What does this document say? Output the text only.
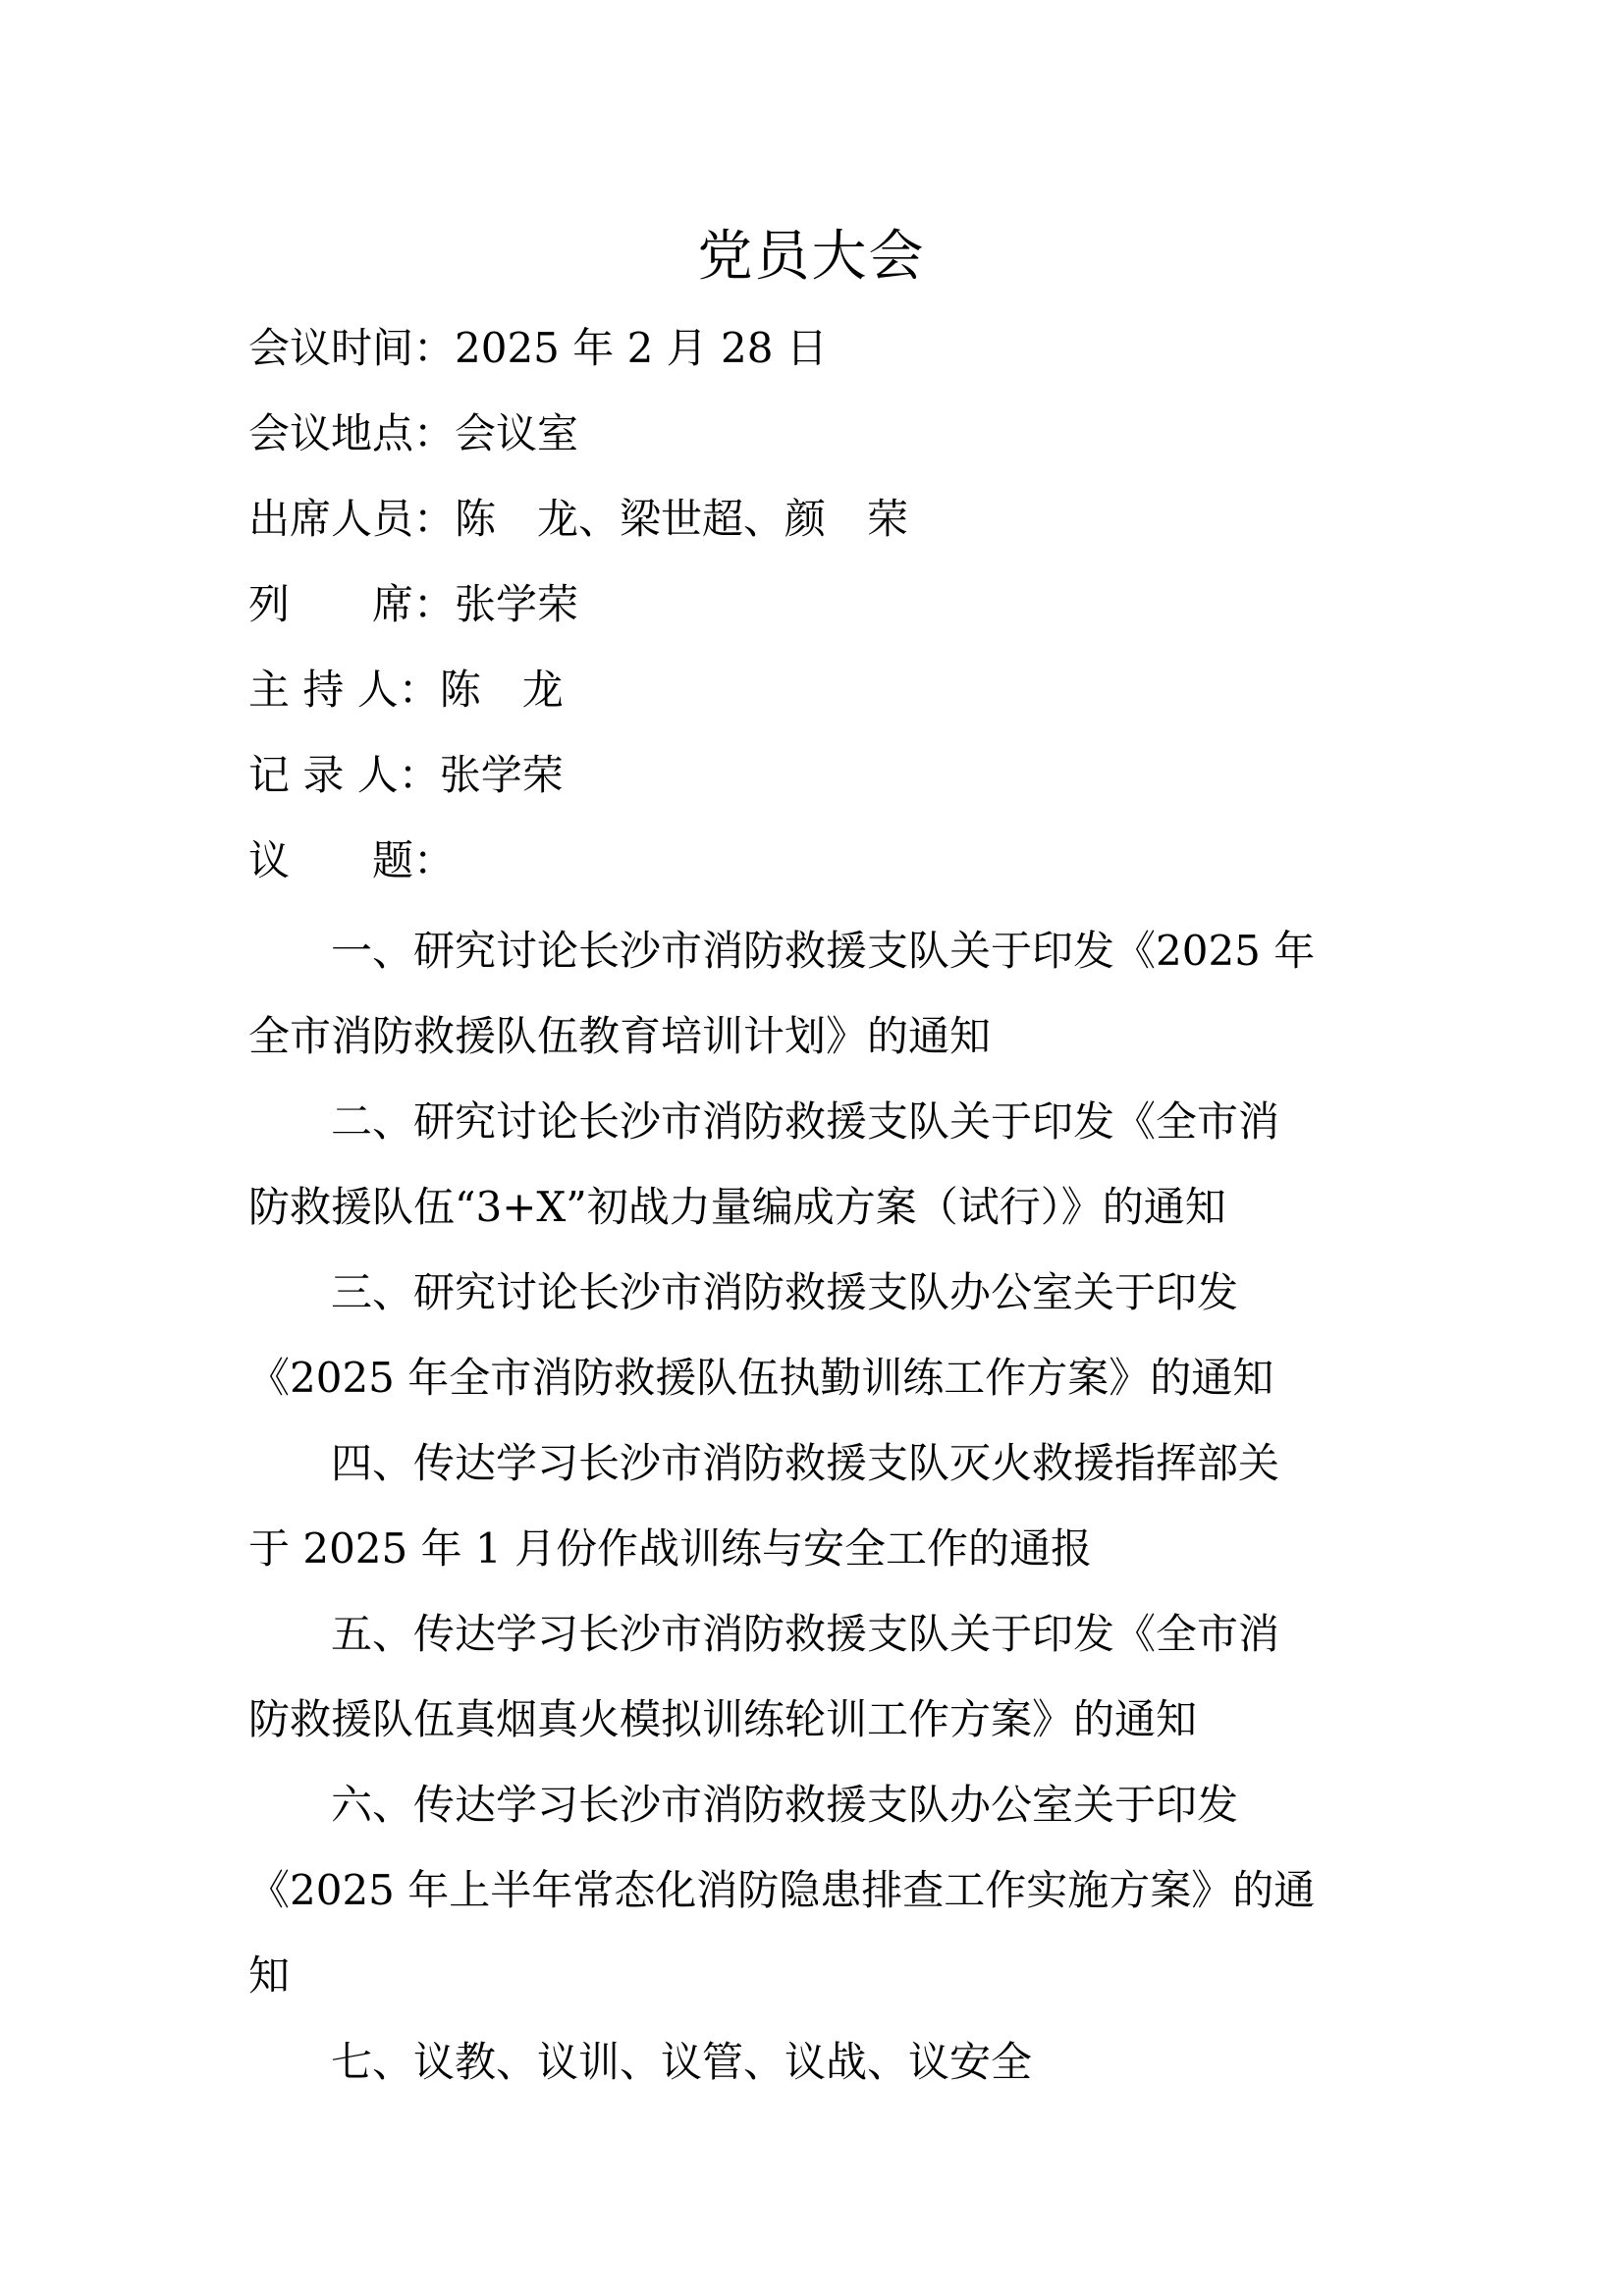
党员大会
会议时间：2025 年 2 月 28 日
会议地点：会议室
出席人员：陈　龙、梁世超、颜　荣
列　　席：张学荣
主 持 人：陈　龙
记 录 人：张学荣
议　　题：
一、研究讨论长沙市消防救援支队关于印发《2025 年
全市消防救援队伍教育培训计划》的通知
二、研究讨论长沙市消防救援支队关于印发《全市消
防救援队伍“3+X”初战力量编成方案（试行）》的通知
三、研究讨论长沙市消防救援支队办公室关于印发
《2025 年全市消防救援队伍执勤训练工作方案》的通知
四、传达学习长沙市消防救援支队灭火救援指挥部关
于 2025 年 1 月份作战训练与安全工作的通报
五、传达学习长沙市消防救援支队关于印发《全市消
防救援队伍真烟真火模拟训练轮训工作方案》的通知
六、传达学习长沙市消防救援支队办公室关于印发
《2025 年上半年常态化消防隐患排查工作实施方案》的通
知
七、议教、议训、议管、议战、议安全
